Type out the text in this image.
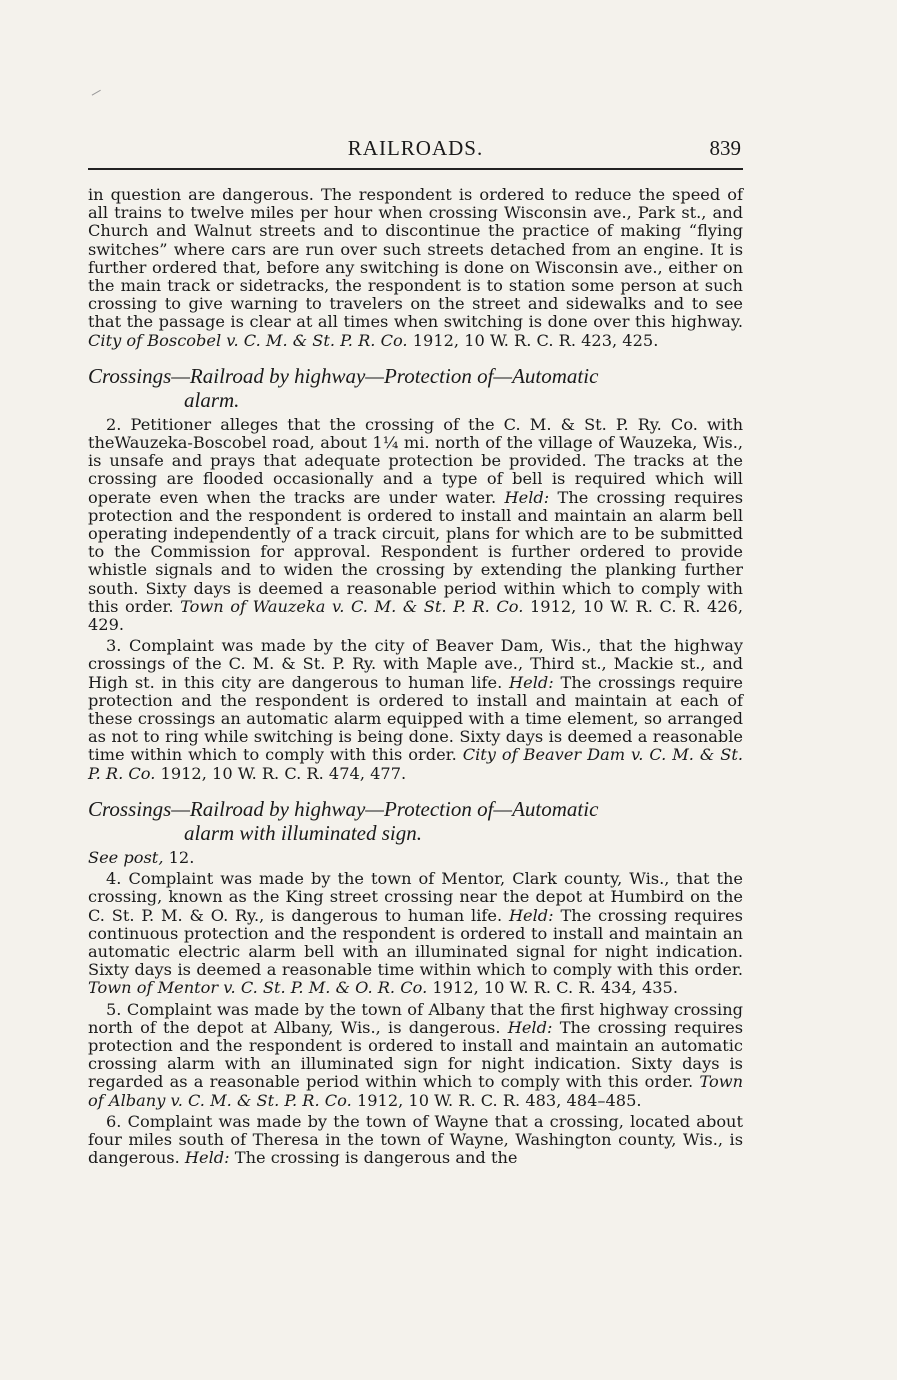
RAILROADS.	839

in question are dangerous. The respondent is ordered to reduce the speed of all trains to twelve miles per hour when crossing Wisconsin ave., Park st., and Church and Walnut streets and to discontinue the practice of making “flying switches” where cars are run over such streets detached from an engine. It is further ordered that, before any switching is done on Wisconsin ave., either on the main track or sidetracks, the respondent is to station some person at such crossing to give warning to travelers on the street and sidewalks and to see that the passage is clear at all times when switching is done over this highway. City of Boscobel v. C. M. & St. P. R. Co. 1912, 10 W. R. C. R. 423, 425.

Crossings—Railroad by highway—Protection of—Automatic
alarm.

2. Petitioner alleges that the crossing of the C. M. & St. P. Ry. Co. with theWauzeka-Boscobel road, about 1¼ mi. north of the village of Wauzeka, Wis., is unsafe and prays that adequate protection be provided. The tracks at the crossing are flooded occasionally and a type of bell is required which will operate even when the tracks are under water. Held: The crossing requires protection and the respondent is ordered to install and maintain an alarm bell operating independently of a track circuit, plans for which are to be submitted to the Commission for approval. Respondent is further ordered to provide whistle signals and to widen the crossing by extending the planking further south. Sixty days is deemed a reasonable period within which to comply with this order. Town of Wauzeka v. C. M. & St. P. R. Co. 1912, 10 W. R. C. R. 426, 429.

3. Complaint was made by the city of Beaver Dam, Wis., that the highway crossings of the C. M. & St. P. Ry. with Maple ave., Third st., Mackie st., and High st. in this city are dangerous to human life. Held: The crossings require protection and the respondent is ordered to install and maintain at each of these crossings an automatic alarm equipped with a time element, so arranged as not to ring while switching is being done. Sixty days is deemed a reasonable time within which to comply with this order. City of Beaver Dam v. C. M. & St. P. R. Co. 1912, 10 W. R. C. R. 474, 477.

Crossings—Railroad by highway—Protection of—Automatic
alarm with illuminated sign.

See post, 12.

4. Complaint was made by the town of Mentor, Clark county, Wis., that the crossing, known as the King street crossing near the depot at Humbird on the C. St. P. M. & O. Ry., is dangerous to human life. Held: The crossing requires continuous protection and the respondent is ordered to install and maintain an automatic electric alarm bell with an illuminated signal for night indication. Sixty days is deemed a reasonable time within which to comply with this order. Town of Mentor v. C. St. P. M. & O. R. Co. 1912, 10 W. R. C. R. 434, 435.

5. Complaint was made by the town of Albany that the first highway crossing north of the depot at Albany, Wis., is dangerous. Held: The crossing requires protection and the respondent is ordered to install and maintain an automatic crossing alarm with an illuminated sign for night indication. Sixty days is regarded as a reasonable period within which to comply with this order. Town of Albany v. C. M. & St. P. R. Co. 1912, 10 W. R. C. R. 483, 484–485.

6. Complaint was made by the town of Wayne that a crossing, located about four miles south of Theresa in the town of Wayne, Washington county, Wis., is dangerous. Held: The crossing is dangerous and the
